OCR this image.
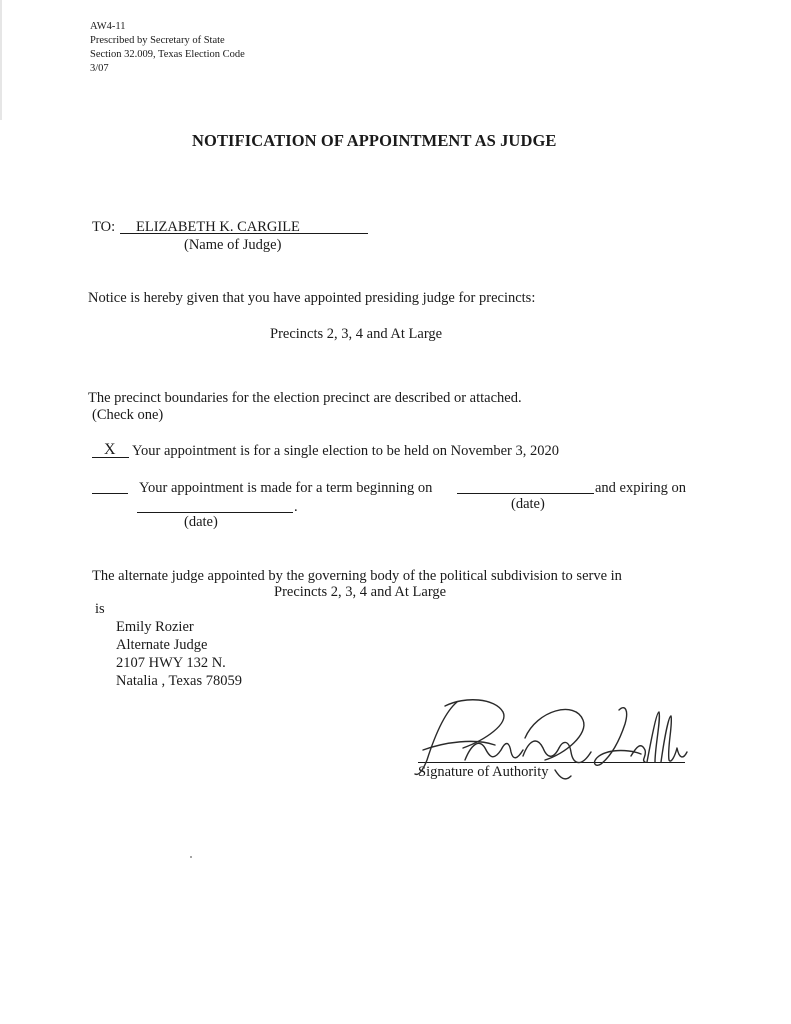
AW4-11
Prescribed by Secretary of State
Section 32.009, Texas Election Code
3/07
NOTIFICATION OF APPOINTMENT AS JUDGE
TO: ELIZABETH K. CARGILE
(Name of Judge)
Notice is hereby given that you have appointed presiding judge for precincts:
Precincts 2, 3, 4 and At Large
The precinct boundaries for the election precinct are described or attached.
(Check one)
X Your appointment is for a single election to be held on November 3, 2020
Your appointment is made for a term beginning on	and expiring on
(date)
.
(date)
The alternate judge appointed by the governing body of the political subdivision to serve in
Precincts 2, 3, 4 and At Large
is
Emily Rozier
Alternate Judge
2107 HWY 132 N.
Natalia , Texas 78059
Signature of Authority
